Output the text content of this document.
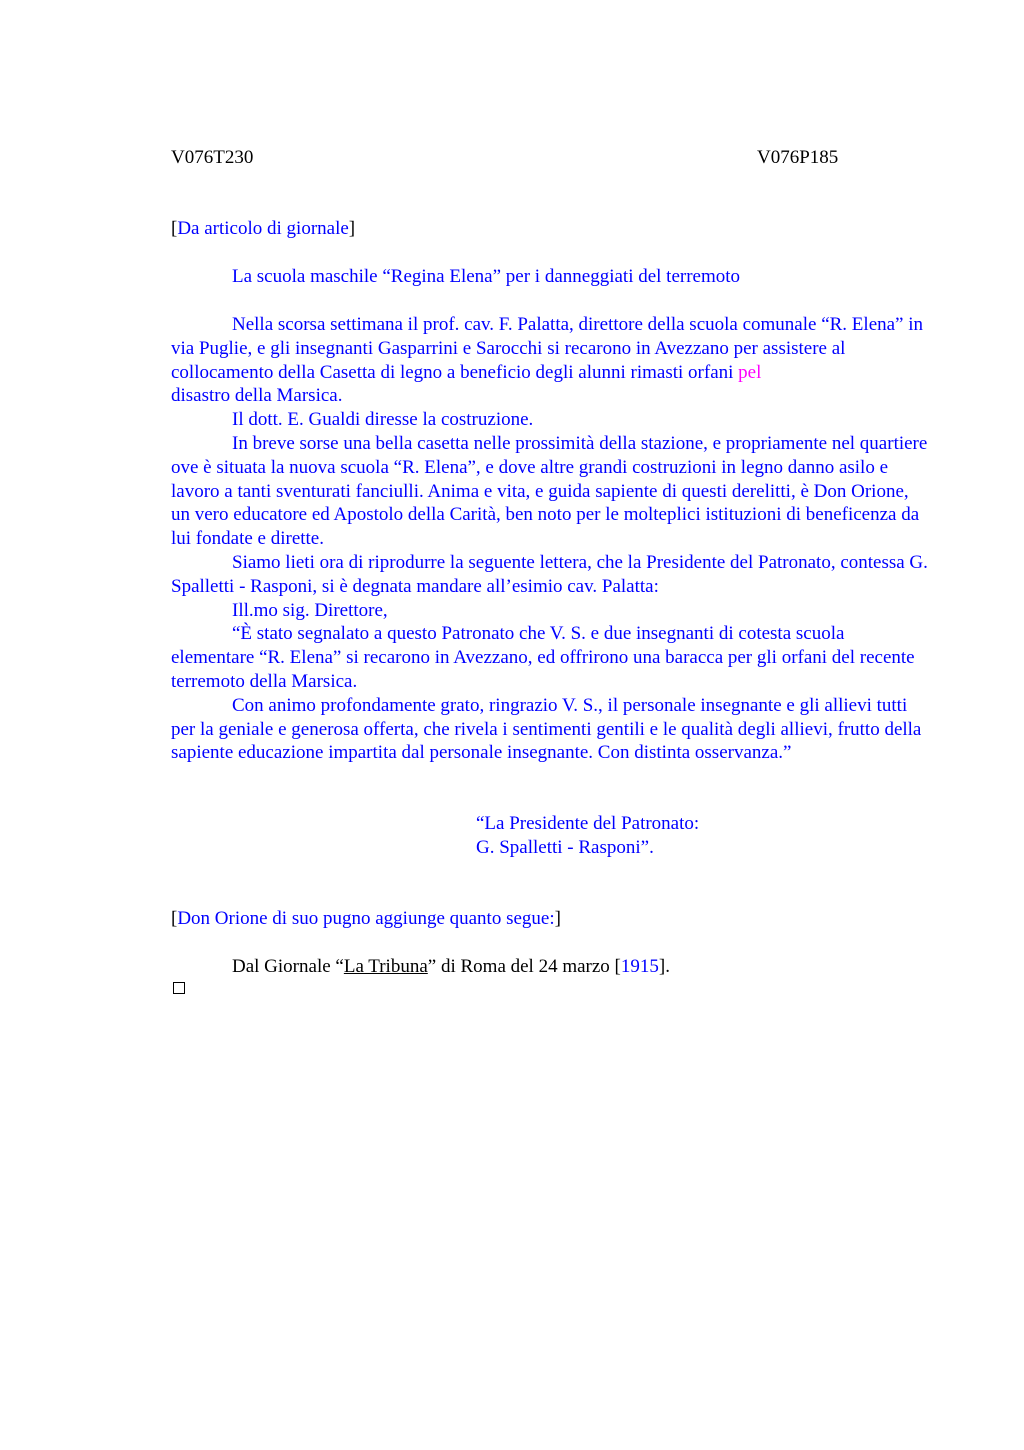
V076T230	V076P185
[Da articolo di giornale]
La scuola maschile “Regina Elena” per i danneggiati del terremoto

Nella scorsa settimana il prof. cav. F. Palatta, direttore della scuola comunale “R. Elena” in via Puglie, e gli insegnanti Gasparrini e Sarocchi si recarono in Avezzano per assistere al collocamento della Casetta di legno a beneficio degli alunni rimasti orfani pel
disastro della Marsica.

Il dott. E. Gualdi diresse la costruzione.

In breve sorse una bella casetta nelle prossimità della stazione, e propriamente nel quartiere ove è situata la nuova scuola “R. Elena”, e dove altre grandi costruzioni in legno danno asilo e lavoro a tanti sventurati fanciulli. Anima e vita, e guida sapiente di questi derelitti, è Don Orione, un vero educatore ed Apostolo della Carità, ben noto per le molteplici istituzioni di beneficenza da lui fondate e dirette.

Siamo lieti ora di riprodurre la seguente lettera, che la Presidente del Patronato, contessa G. Spalletti - Rasponi, si è degnata mandare all’esimio cav. Palatta:

Ill.mo sig. Direttore,

“È stato segnalato a questo Patronato che V. S. e due insegnanti di cotesta scuola elementare “R. Elena” si recarono in Avezzano, ed offrirono una baracca per gli orfani del recente terremoto della Marsica.

Con animo profondamente grato, ringrazio V. S., il personale insegnante e gli allievi tutti per la geniale e generosa offerta, che rivela i sentimenti gentili e le qualità degli allievi, frutto della sapiente educazione impartita dal personale insegnante. Con distinta osservanza.”

“La Presidente del Patronato:

G. Spalletti - Rasponi”.

[Don Orione di suo pugno aggiunge quanto segue:]
Dal Giornale “La Tribuna” di Roma del 24 marzo [1915].
